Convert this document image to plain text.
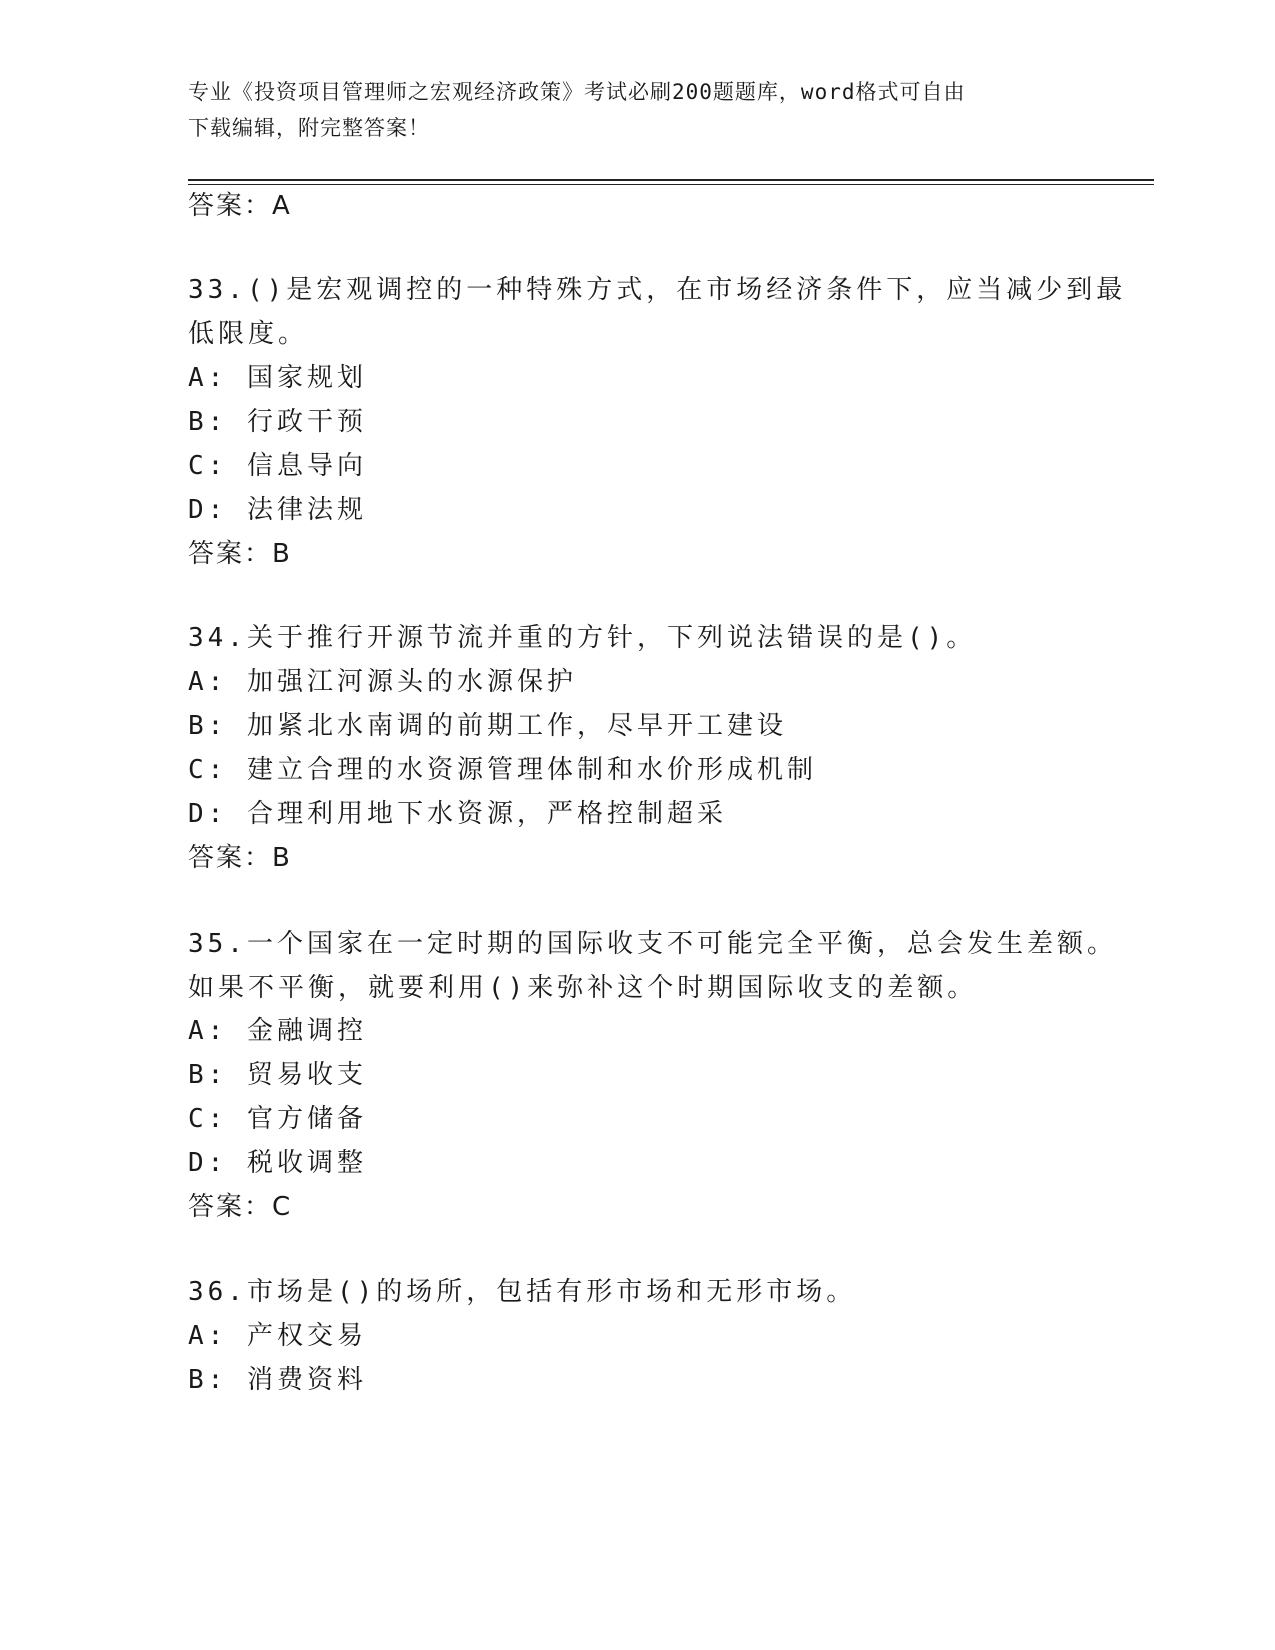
专业《投资项目管理师之宏观经济政策》考试必刷200题题库，word格式可自由
下载编辑，附完整答案！
答案：A
33.()是宏观调控的一种特殊方式，在市场经济条件下，应当减少到最
低限度。
A: 国家规划
B: 行政干预
C: 信息导向
D: 法律法规
答案：B
34.关于推行开源节流并重的方针，下列说法错误的是()。
A: 加强江河源头的水源保护
B: 加紧北水南调的前期工作，尽早开工建设
C: 建立合理的水资源管理体制和水价形成机制
D: 合理利用地下水资源，严格控制超采
答案：B
35.一个国家在一定时期的国际收支不可能完全平衡，总会发生差额。
如果不平衡，就要利用()来弥补这个时期国际收支的差额。
A: 金融调控
B: 贸易收支
C: 官方储备
D: 税收调整
答案：C
36.市场是()的场所，包括有形市场和无形市场。
A: 产权交易
B: 消费资料
